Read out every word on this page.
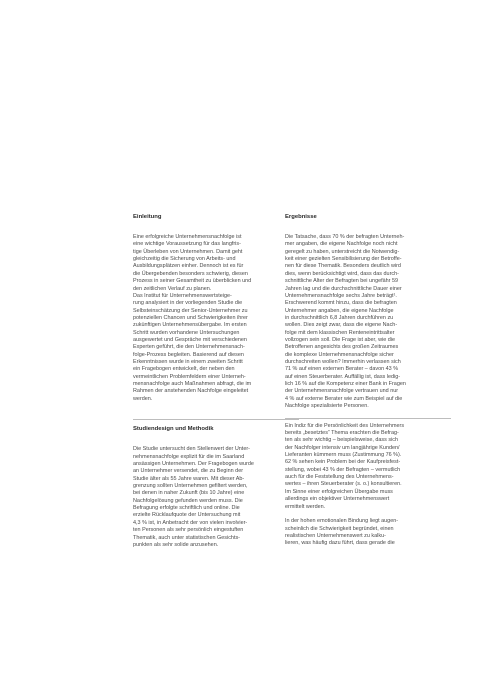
Einleitung
Eine erfolgreiche Unternehmensnachfolge ist
eine wichtige Voraussetzung für das langfris-
tige Überleben von Unternehmen. Damit geht
gleichzeitig die Sicherung von Arbeits- und
Ausbildungsplätzen einher. Dennoch ist es für
die Übergebenden besonders schwierig, diesen
Prozess in seiner Gesamtheit zu überblicken und
den zeitlichen Verlauf zu planen.
Das Institut für Unternehmenswertsteige-
rung analysiert in der vorliegenden Studie die
Selbsteinschätzung der Senior-Unternehmer zu
potenziellen Chancen und Schwierigkeiten ihrer
zukünftigen Unternehmensübergabe. Im ersten
Schritt wurden vorhandene Untersuchungen
ausgewertet und Gespräche mit verschiedenen
Experten geführt, die den Unternehmensnach-
folge-Prozess begleiten. Basierend auf diesen
Erkenntnissen wurde in einem zweiten Schritt
ein Fragebogen entwickelt, der neben den
vermeintlichen Problemfeldern einer Unterneh-
mensnachfolge auch Maßnahmen abfragt, die im
Rahmen der anstehenden Nachfolge eingeleitet
werden.
Studiendesign und Methodik
Die Studie untersucht den Stellenwert der Unter-
nehmensnachfolge explizit für die im Saarland
ansässigen Unternehmen. Der Fragebogen wurde
an Unternehmer versendet, die zu Beginn der
Studie älter als 55 Jahre waren. Mit dieser Ab-
grenzung sollten Unternehmen gefiltert werden,
bei denen in naher Zukunft (bis 10 Jahre) eine
Nachfolgelösung gefunden werden muss. Die
Befragung erfolgte schriftlich und online. Die
erzielte Rücklaufquote der Untersuchung mit
4,3 % ist, in Anbetracht der von vielen involvier-
ten Personen als sehr persönlich eingestuften
Thematik, auch unter statistischen Gesichts-
punkten als sehr solide anzusehen.
Ergebnisse
Die Tatsache, dass 70 % der befragten Unterneh-
mer angaben, die eigene Nachfolge noch nicht
geregelt zu haben, unterstreicht die Notwendig-
keit einer gezielten Sensibilisierung der Betroffe-
nen für diese Thematik. Besonders deutlich wird
dies, wenn berücksichtigt wird, dass das durch-
schnittliche Alter der Befragten bei ungefähr 59
Jahren lag und die durchschnittliche Dauer einer
Unternehmensnachfolge sechs Jahre beträgt¹.
Erschwerend kommt hinzu, dass die befragten
Unternehmer angaben, die eigene Nachfolge
in durchschnittlich 6,8 Jahren durchführen zu
wollen. Dies zeigt zwar, dass die eigene Nach-
folge mit dem klassischen Renteneintrittsalter
vollzogen sein soll. Die Frage ist aber, wie die
Betroffenen angesichts des großen Zeitraumes
die komplexe Unternehmensnachfolge sicher
durchschreiten wollen? Immerhin verlassen sich
71 % auf einen externen Berater – davon 43 %
auf einen Steuerberater. Auffällig ist, dass ledig-
lich 16 % auf die Kompetenz einer Bank in Fragen
der Unternehmensnachfolge vertrauen und nur
4 % auf externe Berater wie zum Beispiel auf die
Nachfolge spezialisierte Personen.
Ein Indiz für die Persönlichkeit des Unternehmers
bereits „besetztes“ Thema erachten die Befrag-
ten als sehr wichtig – beispielsweise, dass sich
der Nachfolger intensiv um langjährige Kunden/
Lieferanten kümmern muss (Zustimmung 76 %).
62 % sehen kein Problem bei der Kaufpreisfest-
stellung, wobei 43 % der Befragten – vermutlich
auch für die Feststellung des Unternehmens-
wertes – ihren Steuerberater (s. o.) konsultieren.
Im Sinne einer erfolgreichen Übergabe muss
allerdings ein objektiver Unternehmenswert
ermittelt werden.
In der hohen emotionalen Bindung liegt augen-
scheinlich die Schwierigkeit begründet, einen
realistischen Unternehmenswert zu kalku-
lieren, was häufig dazu führt, dass gerade die
